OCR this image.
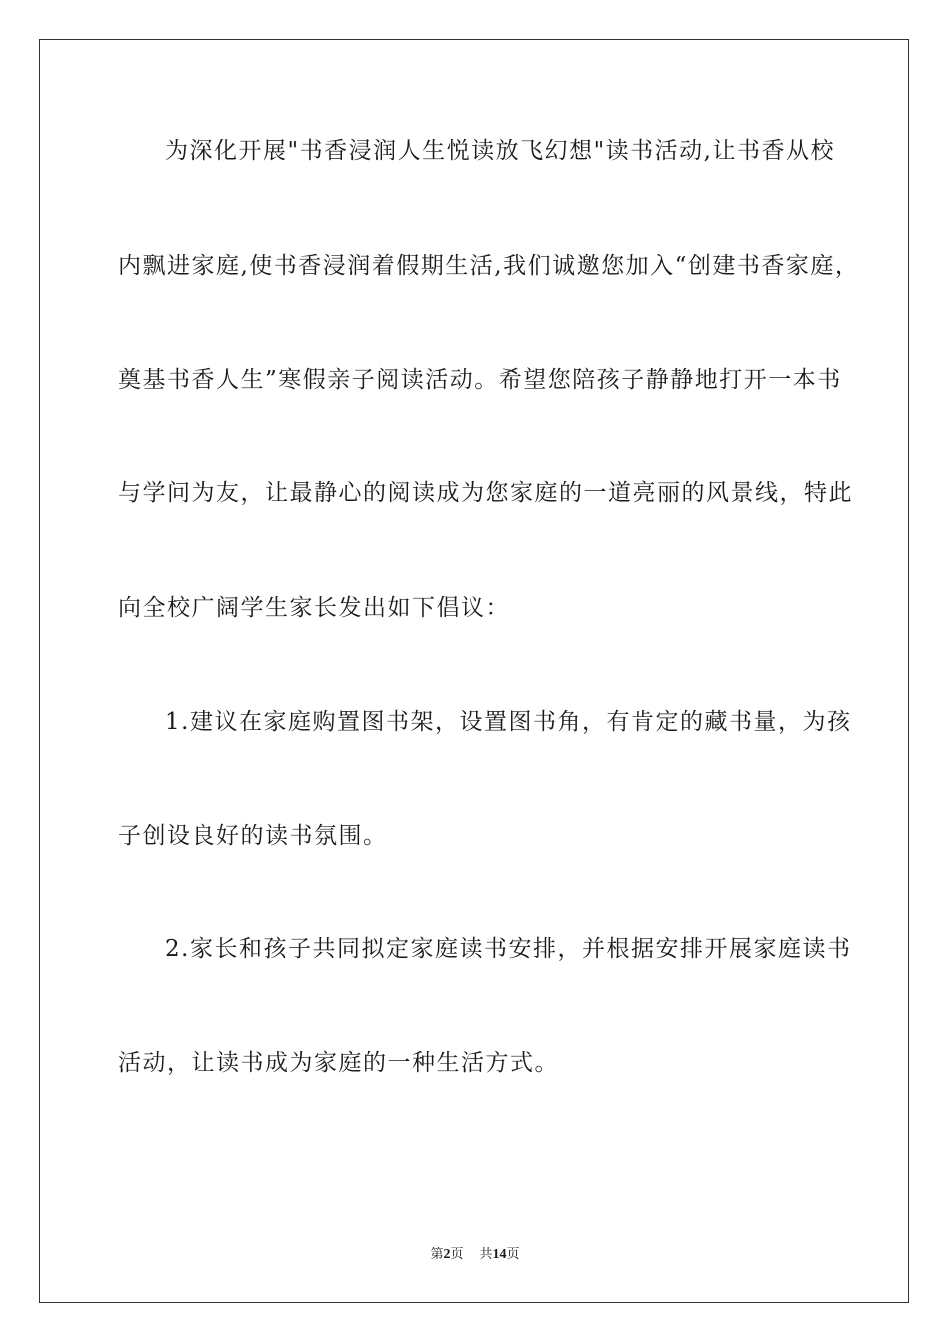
为深化开展"书香浸润人生悦读放飞幻想"读书活动,让书香从校
内飘进家庭,使书香浸润着假期生活,我们诚邀您加入“创建书香家庭，
奠基书香人生”寒假亲子阅读活动。希望您陪孩子静静地打开一本书
与学问为友，让最静心的阅读成为您家庭的一道亮丽的风景线，特此
向全校广阔学生家长发出如下倡议：
1.建议在家庭购置图书架，设置图书角，有肯定的藏书量，为孩
子创设良好的读书氛围。
2.家长和孩子共同拟定家庭读书安排，并根据安排开展家庭读书
活动，让读书成为家庭的一种生活方式。
第2页 共14页
